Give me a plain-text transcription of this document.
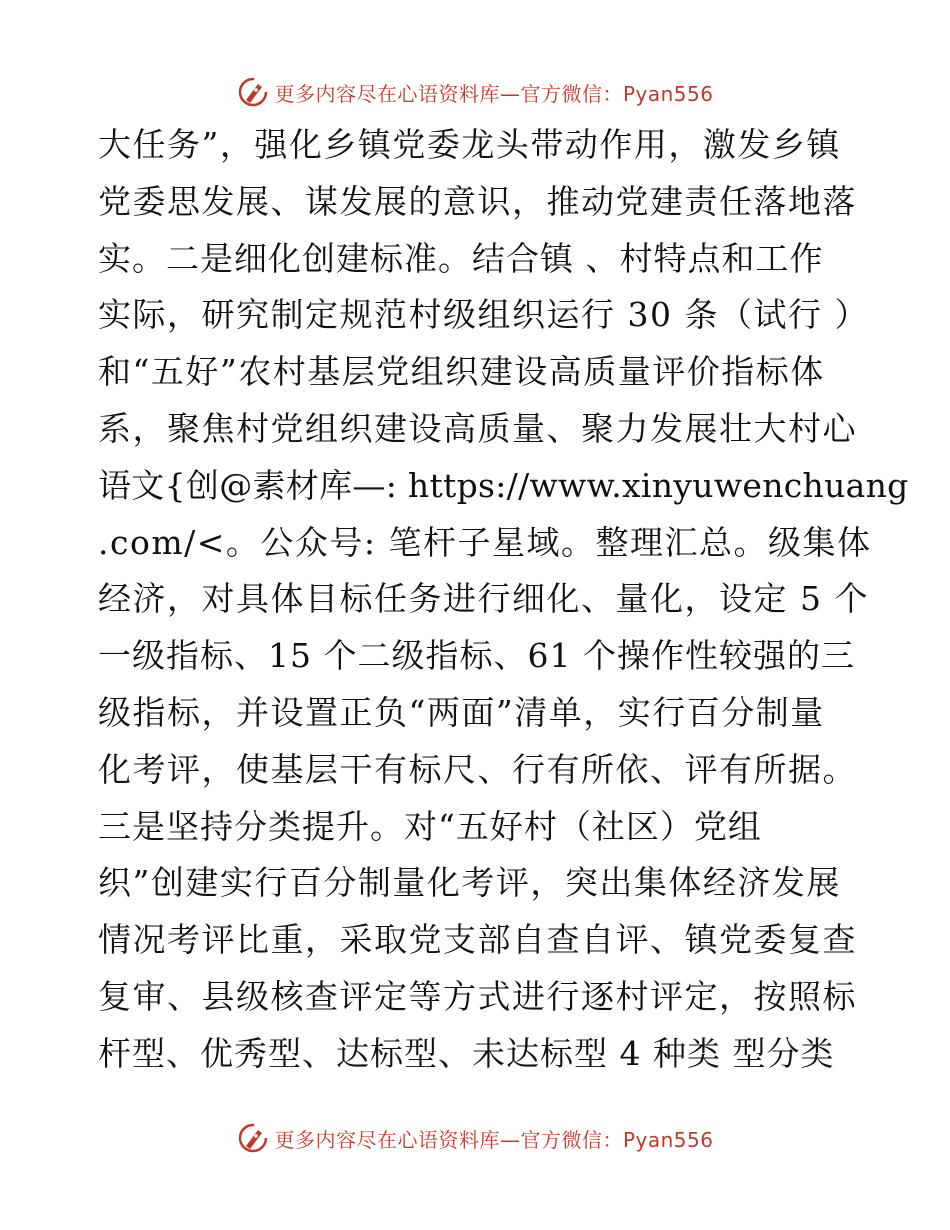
更多内容尽在心语资料库—官方微信：Pyan556
大任务”，强化乡镇党委龙头带动作用，激发乡镇
党委思发展、谋发展的意识，推动党建责任落地落
实。二是细化创建标准。结合镇 、村特点和工作
实际，研究制定规范村级组织运行 30 条（试行 ）
和“五好”农村基层党组织建设高质量评价指标体
系，聚焦村党组织建设高质量、聚力发展壮大村心
语文{创@素材库—: https://www.xinyuwenchuang
.com/<。公众号: 笔杆子星域。整理汇总。级集体
经济，对具体目标任务进行细化、量化，设定 5 个
一级指标、15 个二级指标、61 个操作性较强的三
级指标，并设置正负“两面”清单，实行百分制量
化考评，使基层干有标尺、行有所依、评有所据。
三是坚持分类提升。对“五好村（社区）党组
织”创建实行百分制量化考评，突出集体经济发展
情况考评比重，采取党支部自查自评、镇党委复查
复审、县级核查评定等方式进行逐村评定，按照标
杆型、优秀型、达标型、未达标型 4 种类 型分类
更多内容尽在心语资料库—官方微信：Pyan556
